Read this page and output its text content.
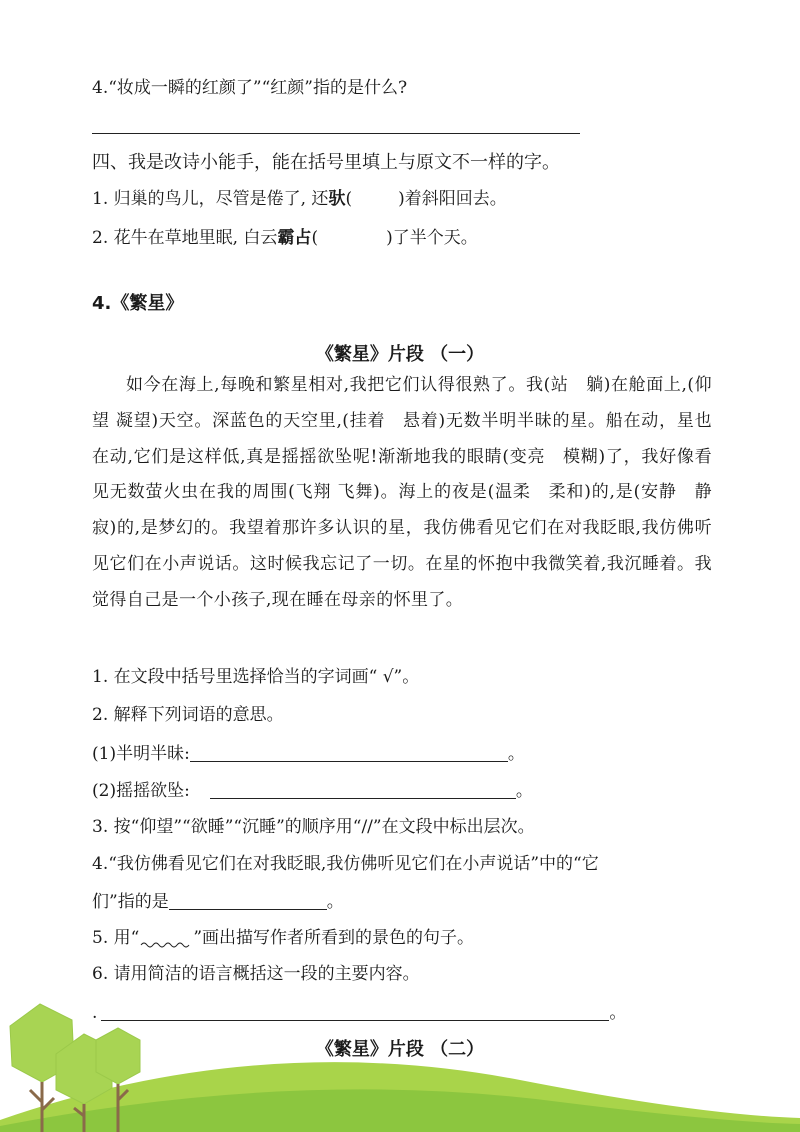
4.“妆成一瞬的红颜了”“红颜”指的是什么?
四、我是改诗小能手，能在括号里填上与原文不一样的字。
1. 归巢的鸟儿，尽管是倦了, 还驮(	)着斜阳回去。
2. 花牛在草地里眠, 白云霸占(	)了半个天。
4.《繁星》
《繁星》片段 （一）
如今在海上,每晚和繁星相对,我把它们认得很熟了。我(站　躺)在舱面上,(仰望 凝望)天空。深蓝色的天空里,(挂着　悬着)无数半明半昧的星。船在动，星也在动,它们是这样低,真是摇摇欲坠呢!渐渐地我的眼睛(变亮　模糊)了，我好像看见无数萤火虫在我的周围(飞翔 飞舞)。海上的夜是(温柔　柔和)的,是(安静　静寂)的,是梦幻的。我望着那许多认识的星，我仿佛看见它们在对我眨眼,我仿佛听见它们在小声说话。这时候我忘记了一切。在星的怀抱中我微笑着,我沉睡着。我觉得自己是一个小孩子,现在睡在母亲的怀里了。
1. 在文段中括号里选择恰当的字词画“ √”。
2. 解释下列词语的意思。
(1)半明半昧:	。
(2)摇摇欲坠:	。
3. 按“仰望”“欲睡”“沉睡”的顺序用“//”在文段中标出层次。
4.“我仿佛看见它们在对我眨眼,我仿佛听见它们在小声说话”中的“它
们”指的是	。
5. 用“	”画出描写作者所看到的景色的句子。
6. 请用简洁的语言概括这一段的主要内容。
.	。
《繁星》片段 （二）
